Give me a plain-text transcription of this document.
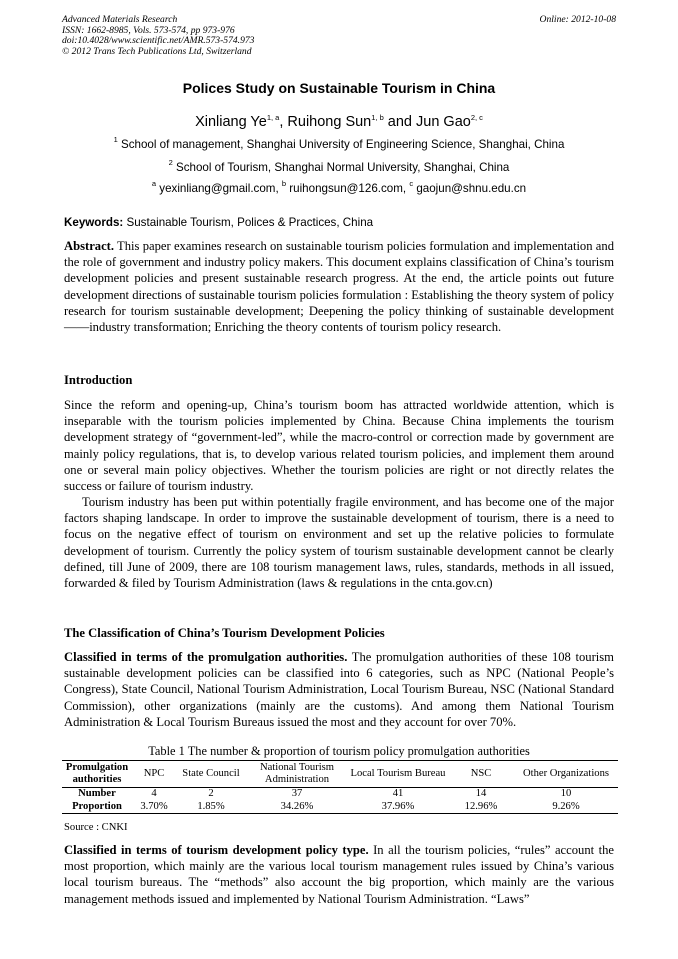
Advanced Materials Research
ISSN: 1662-8985, Vols. 573-574, pp 973-976
doi:10.4028/www.scientific.net/AMR.573-574.973
© 2012 Trans Tech Publications Ltd, Switzerland
Online: 2012-10-08
Polices Study on Sustainable Tourism in China
Xinliang Ye$^{1, a}$, Ruihong Sun$^{1, b}$ and Jun Gao$^{2, c}$
$^1$ School of management, Shanghai University of Engineering Science, Shanghai, China
$^2$ School of Tourism, Shanghai Normal University, Shanghai, China
$^a$ yexinliang@gmail.com, $^b$ ruihongsun@126.com, $^c$ gaojun@shnu.edu.cn
Keywords: Sustainable Tourism, Polices & Practices, China
Abstract. This paper examines research on sustainable tourism policies formulation and implementation and the role of government and industry policy makers. This document explains classification of China’s tourism development policies and present sustainable research progress. At the end, the article points out future development directions of sustainable tourism policies formulation : Establishing the theory system of policy research for tourism sustainable development; Deepening the policy thinking of sustainable development——industry transformation; Enriching the theory contents of tourism policy research.
Introduction
Since the reform and opening-up, China’s tourism boom has attracted worldwide attention, which is inseparable with the tourism policies implemented by China. Because China implements the tourism development strategy of “government-led”, while the macro-control or correction made by government are mainly policy regulations, that is, to develop various related tourism policies, and implement them around one or several main policy objectives. Whether the tourism policies are right or not directly relates the success or failure of tourism industry.
Tourism industry has been put within potentially fragile environment, and has become one of the major factors shaping landscape. In order to improve the sustainable development of tourism, there is a need to focus on the negative effect of tourism on environment and set up the relative policies to formulate development of tourism. Currently the policy system of tourism sustainable development cannot be clearly defined, till June of 2009, there are 108 tourism management laws, rules, standards, methods in all issued, forwarded & filed by Tourism Administration (laws & regulations in the cnta.gov.cn)
The Classification of China’s Tourism Development Policies
Classified in terms of the promulgation authorities. The promulgation authorities of these 108 tourism sustainable development policies can be classified into 6 categories, such as NPC (National People’s Congress), State Council, National Tourism Administration, Local Tourism Bureau, NSC (National Standard Commission), other organizations (mainly are the customs). And among them National Tourism Administration & Local Tourism Bureaus issued the most and they account for over 70%.
Table 1 The number & proportion of tourism policy promulgation authorities
Promulgation authorities	NPC	State Council	National Tourism Administration	Local Tourism Bureau	NSC	Other Organizations
Number	4	2	37	41	14	10
Proportion	3.70%	1.85%	34.26%	37.96%	12.96%	9.26%
Source : CNKI
Classified in terms of tourism development policy type. In all the tourism policies, “rules” account the most proportion, which mainly are the various local tourism management rules issued by China’s various local tourism bureaus. The “methods” also account the big proportion, which mainly are the various management methods issued and implemented by National Tourism Administration. “Laws”
